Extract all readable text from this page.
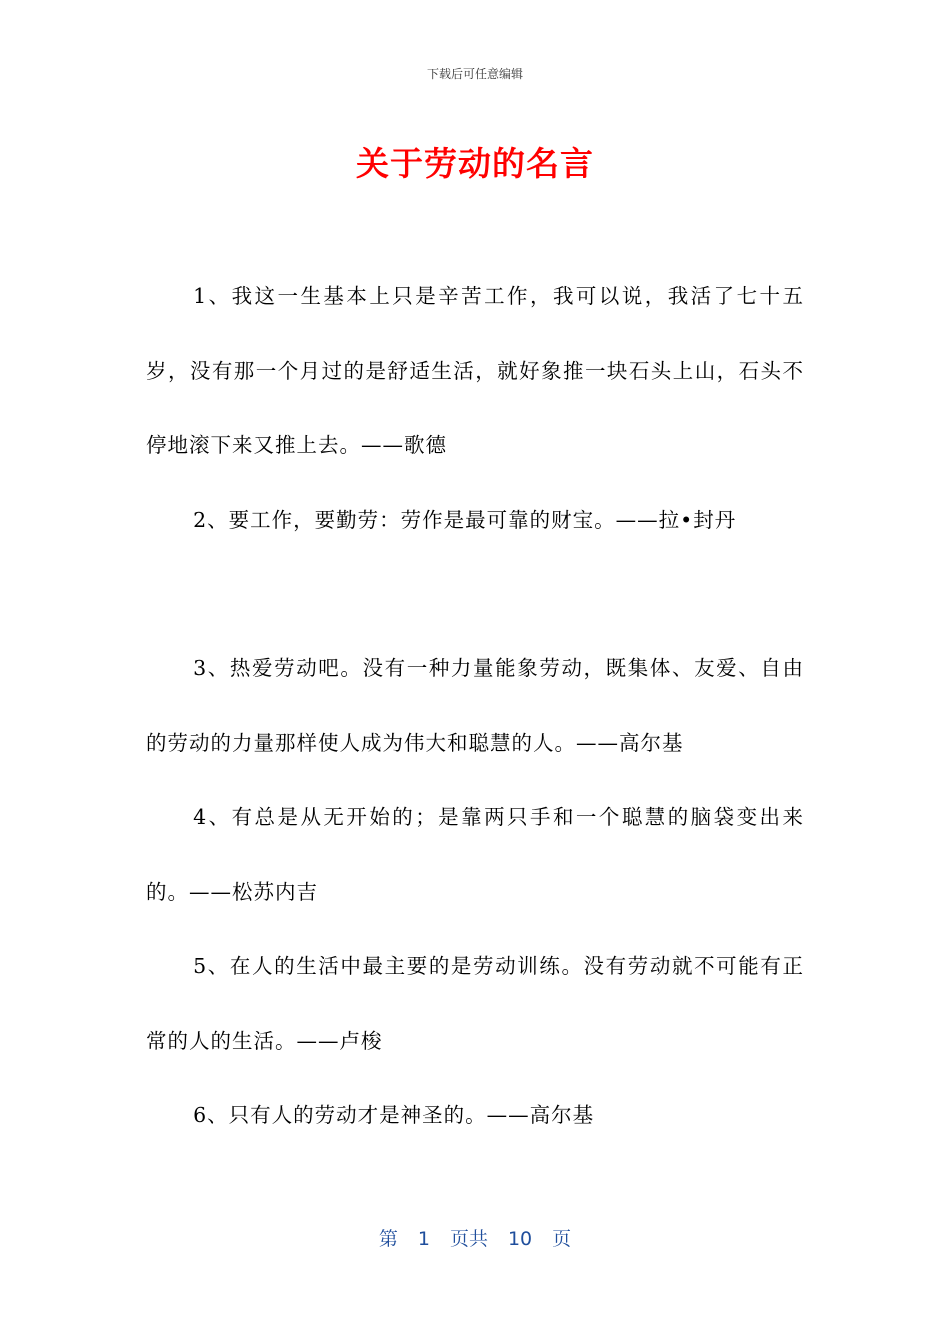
下载后可任意编辑
关于劳动的名言

1、我这一生基本上只是辛苦工作，我可以说，我活了七十五岁，没有那一个月过的是舒适生活，就好象推一块石头上山，石头不停地滚下来又推上去。——歌德

2、要工作，要勤劳：劳作是最可靠的财宝。——拉•封丹

3、热爱劳动吧。没有一种力量能象劳动，既集体、友爱、自由的劳动的力量那样使人成为伟大和聪慧的人。——高尔基

4、有总是从无开始的；是靠两只手和一个聪慧的脑袋变出来的。——松苏内吉

5、在人的生活中最主要的是劳动训练。没有劳动就不可能有正常的人的生活。——卢梭

6、只有人的劳动才是神圣的。——高尔基

第 1 页共 10 页
